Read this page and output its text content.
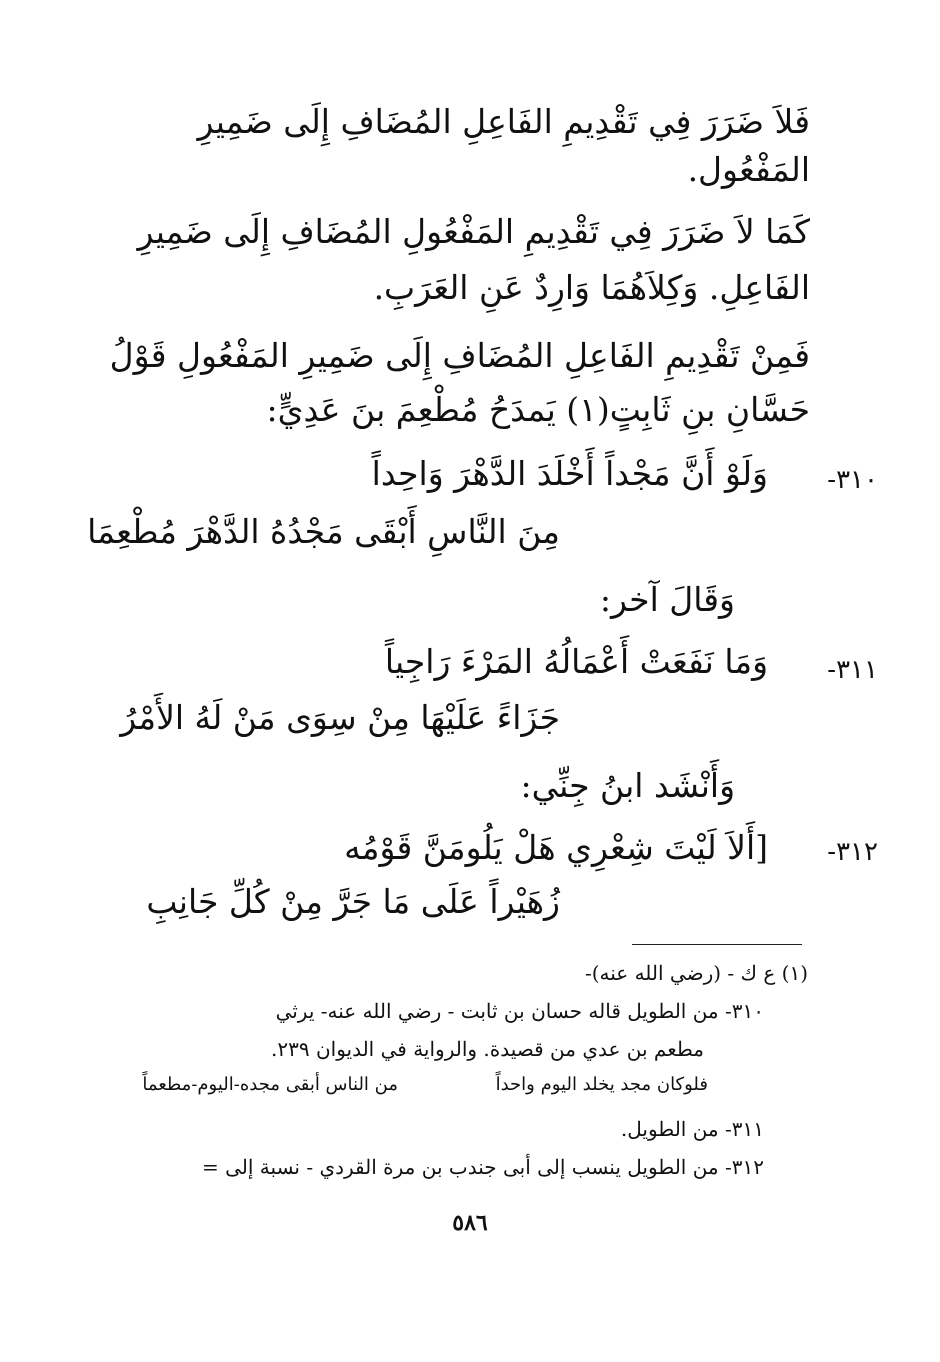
فَلاَ ضَرَرَ فِي تَقْدِيمِ الفَاعِلِ المُضَافِ إِلَى ضَمِيرِ
المَفْعُول.
كَمَا لاَ ضَرَرَ فِي تَقْدِيمِ المَفْعُولِ المُضَافِ إِلَى ضَمِيرِ
الفَاعِلِ. وَكِلاَهُمَا وَارِدٌ عَنِ العَرَبِ.
فَمِنْ تَقْدِيمِ الفَاعِلِ المُضَافِ إِلَى ضَمِيرِ المَفْعُولِ قَوْلُ
حَسَّانِ بنِ ثَابِتٍ(١) يَمدَحُ مُطْعِمَ بنَ عَدِيٍّ:
٣١٠-
وَلَوْ أَنَّ مَجْداً أَخْلَدَ الدَّهْرَ وَاحِداً
مِنَ النَّاسِ أَبْقَى مَجْدُهُ الدَّهْرَ مُطْعِمَا
وَقَالَ آخر:
٣١١-
وَمَا نَفَعَتْ أَعْمَالُهُ المَرْءَ رَاجِياً
جَزَاءً عَلَيْهَا مِنْ سِوَى مَنْ لَهُ الأَمْرُ
وَأَنْشَد ابنُ جِنِّي:
٣١٢-
[أَلاَ لَيْتَ شِعْرِي هَلْ يَلُومَنَّ قَوْمُه
زُهَيْراً عَلَى مَا جَرَّ مِنْ كُلِّ جَانِبِ
(١) ع ك - (رضي الله عنه)-
٣١٠- من الطويل قاله حسان بن ثابت - رضي الله عنه- يرثي
مطعم بن عدي من قصيدة. والرواية في الديوان ٢٣٩.
فلوكان مجد يخلد اليوم واحداً
من الناس أبقى مجده-اليوم-مطعماً
٣١١- من الطويل.
٣١٢- من الطويل ينسب إلى أبى جندب بن مرة القردي - نسبة إلى =
٥٨٦
